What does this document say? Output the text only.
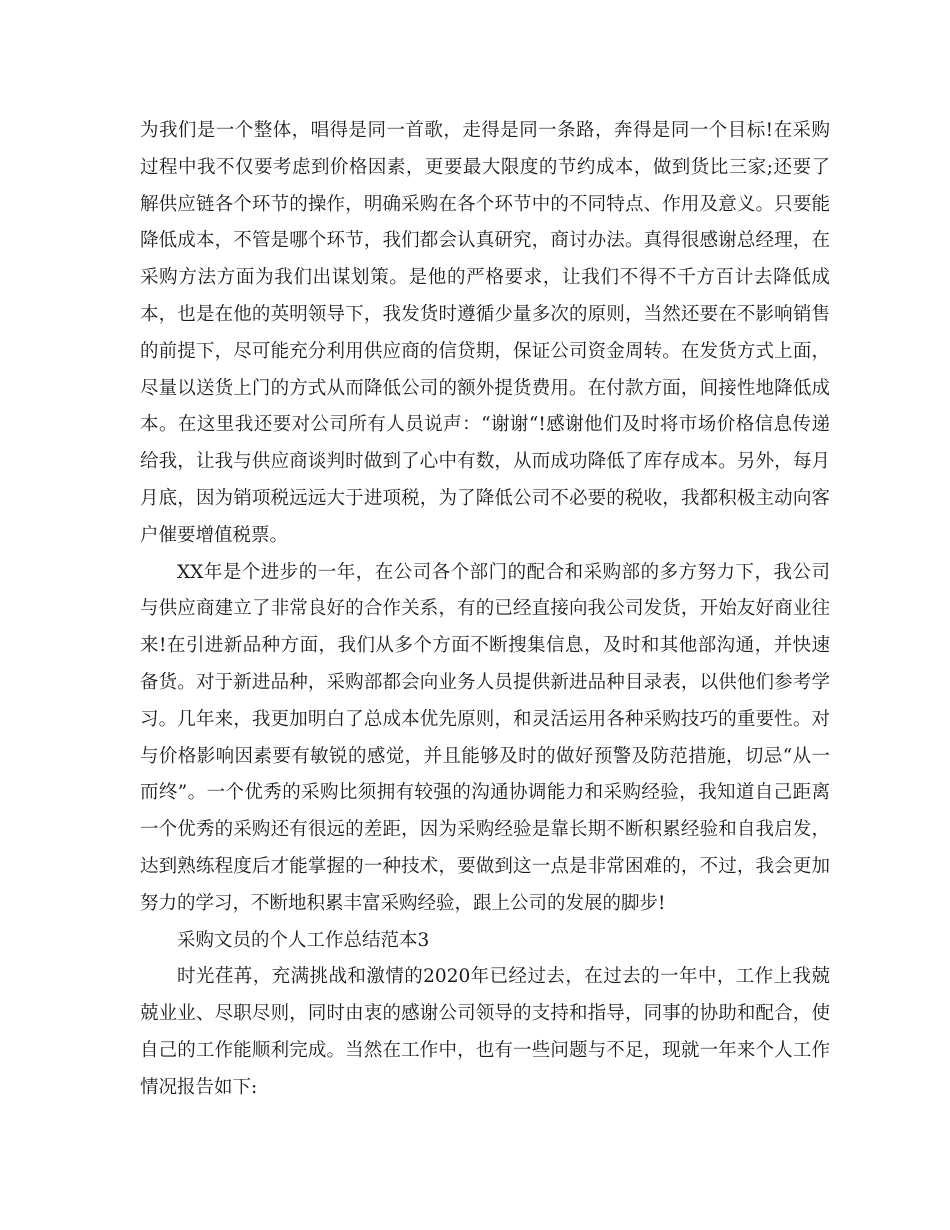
为我们是一个整体，唱得是同一首歌，走得是同一条路，奔得是同一个目标!在采购过程中我不仅要考虑到价格因素，更要最大限度的节约成本，做到货比三家;还要了解供应链各个环节的操作，明确采购在各个环节中的不同特点、作用及意义。只要能降低成本，不管是哪个环节，我们都会认真研究，商讨办法。真得很感谢总经理，在采购方法方面为我们出谋划策。是他的严格要求，让我们不得不千方百计去降低成本，也是在他的英明领导下，我发货时遵循少量多次的原则，当然还要在不影响销售的前提下，尽可能充分利用供应商的信贷期，保证公司资金周转。在发货方式上面，尽量以送货上门的方式从而降低公司的额外提货费用。在付款方面，间接性地降低成本。在这里我还要对公司所有人员说声：“谢谢“!感谢他们及时将市场价格信息传递给我，让我与供应商谈判时做到了心中有数，从而成功降低了库存成本。另外，每月月底，因为销项税远远大于进项税，为了降低公司不必要的税收，我都积极主动向客户催要增值税票。

XX年是个进步的一年，在公司各个部门的配合和采购部的多方努力下，我公司与供应商建立了非常良好的合作关系，有的已经直接向我公司发货，开始友好商业往来!在引进新品种方面，我们从多个方面不断搜集信息，及时和其他部沟通，并快速备货。对于新进品种，采购部都会向业务人员提供新进品种目录表，以供他们参考学习。几年来，我更加明白了总成本优先原则，和灵活运用各种采购技巧的重要性。对与价格影响因素要有敏锐的感觉，并且能够及时的做好预警及防范措施，切忌“从一而终”。一个优秀的采购比须拥有较强的沟通协调能力和采购经验，我知道自己距离一个优秀的采购还有很远的差距，因为采购经验是靠长期不断积累经验和自我启发，达到熟练程度后才能掌握的一种技术，要做到这一点是非常困难的，不过，我会更加努力的学习，不断地积累丰富采购经验，跟上公司的发展的脚步!

采购文员的个人工作总结范本3

时光荏苒，充满挑战和激情的2020年已经过去，在过去的一年中，工作上我兢兢业业、尽职尽则，同时由衷的感谢公司领导的支持和指导，同事的协助和配合，使自己的工作能顺利完成。当然在工作中，也有一些问题与不足，现就一年来个人工作情况报告如下:
